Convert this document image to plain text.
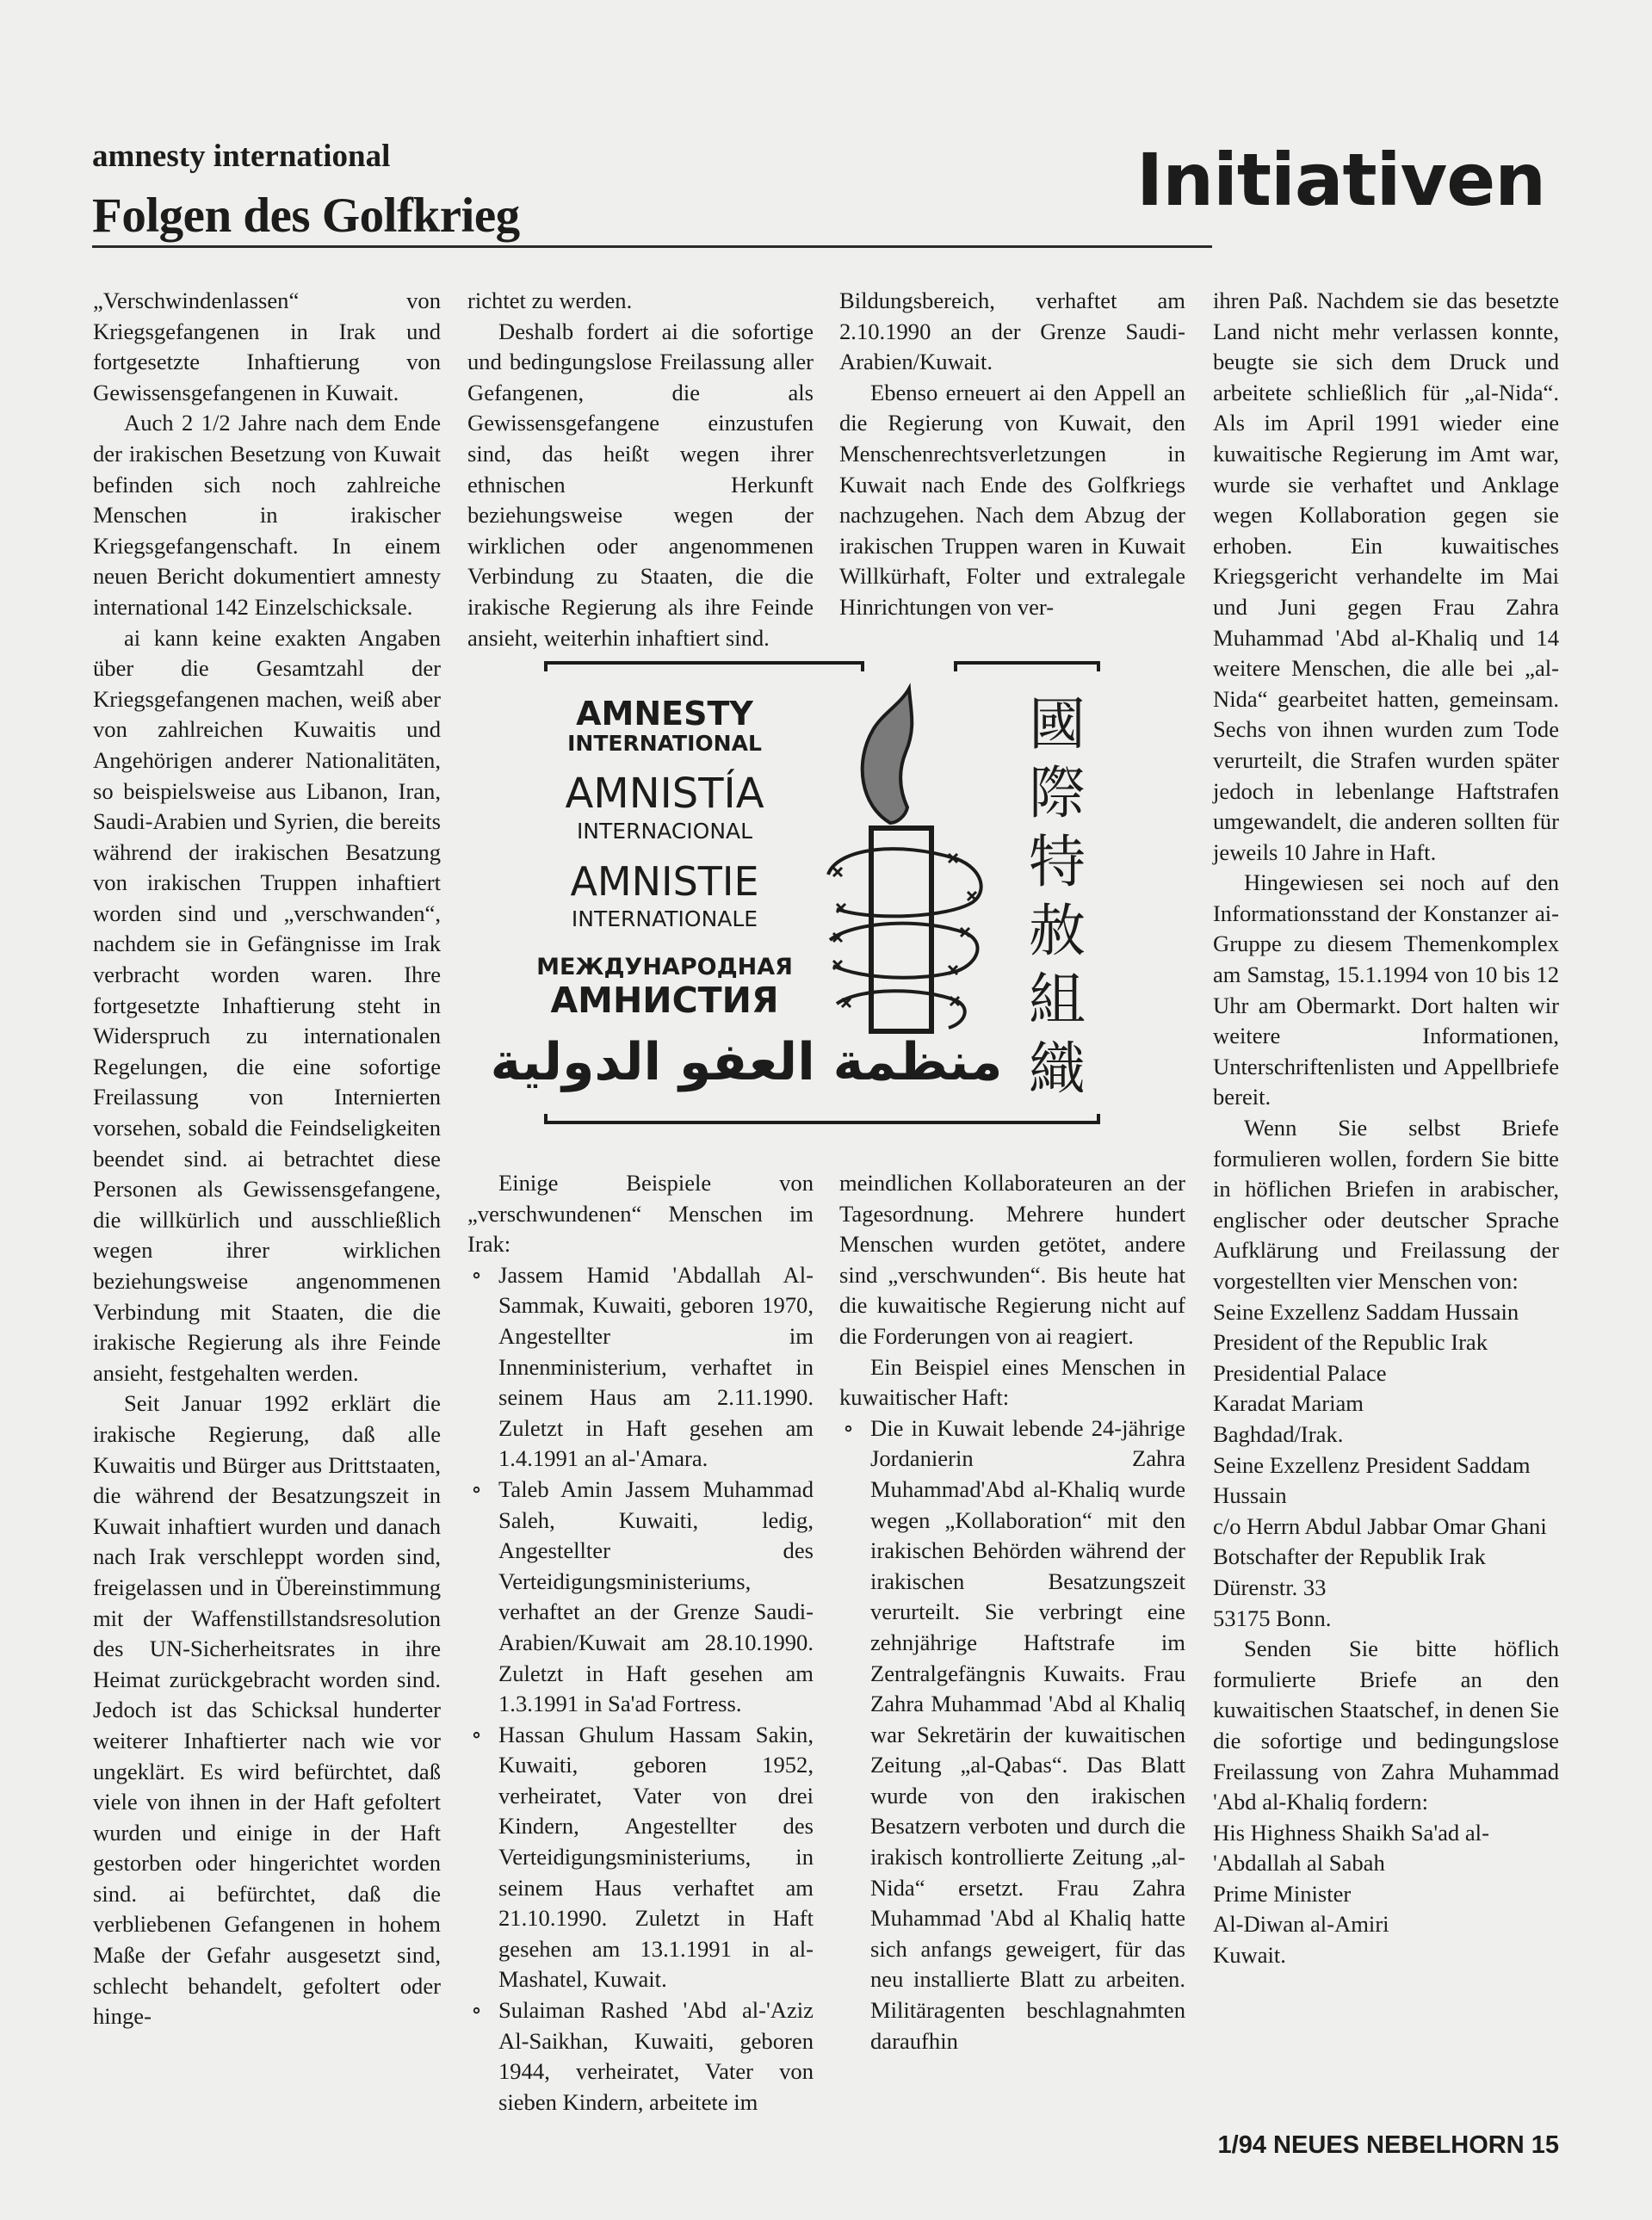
amnesty international
Folgen des Golfkrieg	Initiativen

„Verschwindenlassen“ von Kriegsgefangenen in Irak und fortgesetzte Inhaftierung von Gewissensgefangenen in Kuwait.

Auch 2 1/2 Jahre nach dem Ende der irakischen Besetzung von Kuwait befinden sich noch zahlreiche Menschen in irakischer Kriegsgefangenschaft. In einem neuen Bericht dokumentiert amnesty international 142 Einzelschicksale.

ai kann keine exakten Angaben über die Gesamtzahl der Kriegsgefangenen machen, weiß aber von zahlreichen Kuwaitis und Angehörigen anderer Nationalitäten, so beispielsweise aus Libanon, Iran, Saudi-Arabien und Syrien, die bereits während der irakischen Besatzung von irakischen Truppen inhaftiert worden sind und „verschwanden“, nachdem sie in Gefängnisse im Irak verbracht worden waren. Ihre fortgesetzte Inhaftierung steht in Widerspruch zu internationalen Regelungen, die eine sofortige Freilassung von Internierten vorsehen, sobald die Feindseligkeiten beendet sind. ai betrachtet diese Personen als Gewissensgefangene, die willkürlich und ausschließlich wegen ihrer wirklichen beziehungsweise angenommenen Verbindung mit Staaten, die die irakische Regierung als ihre Feinde ansieht, festgehalten werden.

Seit Januar 1992 erklärt die irakische Regierung, daß alle Kuwaitis und Bürger aus Drittstaaten, die während der Besatzungszeit in Kuwait inhaftiert wurden und danach nach Irak verschleppt worden sind, freigelassen und in Übereinstimmung mit der Waffenstillstandsresolution des UN-Sicherheitsrates in ihre Heimat zurückgebracht worden sind. Jedoch ist das Schicksal hunderter weiterer Inhaftierter nach wie vor ungeklärt. Es wird befürchtet, daß viele von ihnen in der Haft gefoltert wurden und einige in der Haft gestorben oder hingerichtet worden sind. ai befürchtet, daß die verbliebenen Gefangenen in hohem Maße der Gefahr ausgesetzt sind, schlecht behandelt, gefoltert oder hinge-

richtet zu werden.

Deshalb fordert ai die sofortige und bedingungslose Freilassung aller Gefangenen, die als Gewissensgefangene einzustufen sind, das heißt wegen ihrer ethnischen Herkunft beziehungsweise wegen der wirklichen oder angenommenen Verbindung zu Staaten, die die irakische Regierung als ihre Feinde ansieht, weiterhin inhaftiert sind.

Bildungsbereich, verhaftet am 2.10.1990 an der Grenze Saudi-Arabien/Kuwait.

Ebenso erneuert ai den Appell an die Regierung von Kuwait, den Menschenrechtsverletzungen in Kuwait nach Ende des Golfkriegs nachzugehen. Nach dem Abzug der irakischen Truppen waren in Kuwait Willkürhaft, Folter und extralegale Hinrichtungen von ver-

ihren Paß. Nachdem sie das besetzte Land nicht mehr verlassen konnte, beugte sie sich dem Druck und arbeitete schließlich für „al-Nida“. Als im April 1991 wieder eine kuwaitische Regierung im Amt war, wurde sie verhaftet und Anklage wegen Kollaboration gegen sie erhoben. Ein kuwaitisches Kriegsgericht verhandelte im Mai und Juni gegen Frau Zahra Muhammad 'Abd al-Khaliq und 14 weitere Menschen, die alle bei „al-Nida“ gearbeitet hatten, gemeinsam. Sechs von ihnen wurden zum Tode verurteilt, die Strafen wurden später jedoch in lebenlange Haftstrafen umgewandelt, die anderen sollten für jeweils 10 Jahre in Haft.

Hingewiesen sei noch auf den Informationsstand der Konstanzer ai-Gruppe zu diesem Themenkomplex am Samstag, 15.1.1994 von 10 bis 12 Uhr am Obermarkt. Dort halten wir weitere Informationen, Unterschriftenlisten und Appellbriefe bereit.

Wenn Sie selbst Briefe formulieren wollen, fordern Sie bitte in höflichen Briefen in arabischer, englischer oder deutscher Sprache Aufklärung und Freilassung der vorgestellten vier Menschen von:

Seine Exzellenz Saddam Hussain

President of the Republic Irak

Presidential Palace

Karadat Mariam

Baghdad/Irak.

Seine Exzellenz President Saddam Hussain

c/o Herrn Abdul Jabbar Omar Ghani

Botschafter der Republik Irak

Dürenstr. 33

53175 Bonn.

Senden Sie bitte höflich formulierte Briefe an den kuwaitischen Staatschef, in denen Sie die sofortige und bedingungslose Freilassung von Zahra Muhammad 'Abd al-Khaliq fordern:

His Highness Shaikh Sa'ad al-'Abdallah al Sabah

Prime Minister

Al-Diwan al-Amiri

Kuwait.

AMNESTY
INTERNATIONAL
AMNISTÍA
INTERNACIONAL
AMNISTIE
INTERNATIONALE
МЕЖДУНАРОДНАЯ
АМНИСТИЯ
منظمة العفو الدولية
國
際
特
赦
組
織

Einige Beispiele von „verschwundenen“ Menschen im Irak:

∘ Jassem Hamid 'Abdallah Al-Sammak, Kuwaiti, geboren 1970, Angestellter im Innenministerium, verhaftet in seinem Haus am 2.11.1990. Zuletzt in Haft gesehen am 1.4.1991 an al-'Amara.
∘ Taleb Amin Jassem Muhammad Saleh, Kuwaiti, ledig, Angestellter des Verteidigungsministeriums, verhaftet an der Grenze Saudi-Arabien/Kuwait am 28.10.1990. Zuletzt in Haft gesehen am 1.3.1991 in Sa'ad Fortress.
∘ Hassan Ghulum Hassam Sakin, Kuwaiti, geboren 1952, verheiratet, Vater von drei Kindern, Angestellter des Verteidigungsministeriums, in seinem Haus verhaftet am 21.10.1990. Zuletzt in Haft gesehen am 13.1.1991 in al-Mashatel, Kuwait.
∘ Sulaiman Rashed 'Abd al-'Aziz Al-Saikhan, Kuwaiti, geboren 1944, verheiratet, Vater von sieben Kindern, arbeitete im

meindlichen Kollaborateuren an der Tagesordnung. Mehrere hundert Menschen wurden getötet, andere sind „verschwunden“. Bis heute hat die kuwaitische Regierung nicht auf die Forderungen von ai reagiert.

Ein Beispiel eines Menschen in kuwaitischer Haft:

∘ Die in Kuwait lebende 24-jährige Jordanierin Zahra Muhammad'Abd al-Khaliq wurde wegen „Kollaboration“ mit den irakischen Behörden während der irakischen Besatzungszeit verurteilt. Sie verbringt eine zehnjährige Haftstrafe im Zentralgefängnis Kuwaits. Frau Zahra Muhammad 'Abd al Khaliq war Sekretärin der kuwaitischen Zeitung „al-Qabas“. Das Blatt wurde von den irakischen Besatzern verboten und durch die irakisch kontrollierte Zeitung „al-Nida“ ersetzt. Frau Zahra Muhammad 'Abd al Khaliq hatte sich anfangs geweigert, für das neu installierte Blatt zu arbeiten. Militäragenten beschlagnahmten daraufhin
1/94 NEUES NEBELHORN 15
